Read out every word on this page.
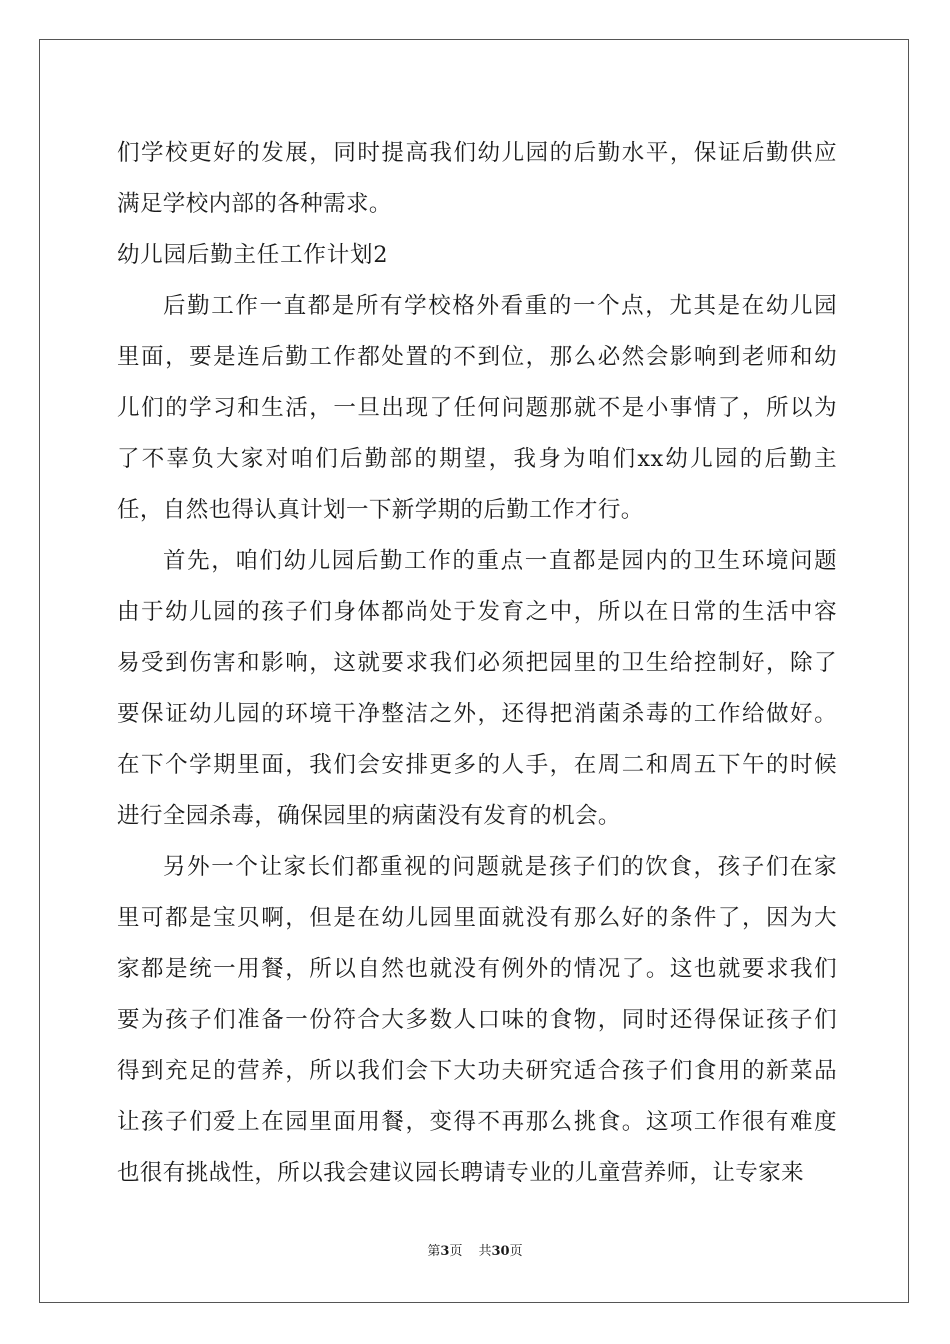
们学校更好的发展，同时提高我们幼儿园的后勤水平，保证后勤供应
满足学校内部的各种需求。
幼儿园后勤主任工作计划2
后勤工作一直都是所有学校格外看重的一个点，尤其是在幼儿园
里面，要是连后勤工作都处置的不到位，那么必然会影响到老师和幼
儿们的学习和生活，一旦出现了任何问题那就不是小事情了，所以为
了不辜负大家对咱们后勤部的期望，我身为咱们xx幼儿园的后勤主
任，自然也得认真计划一下新学期的后勤工作才行。
首先，咱们幼儿园后勤工作的重点一直都是园内的卫生环境问题
由于幼儿园的孩子们身体都尚处于发育之中，所以在日常的生活中容
易受到伤害和影响，这就要求我们必须把园里的卫生给控制好，除了
要保证幼儿园的环境干净整洁之外，还得把消菌杀毒的工作给做好。
在下个学期里面，我们会安排更多的人手，在周二和周五下午的时候
进行全园杀毒，确保园里的病菌没有发育的机会。
另外一个让家长们都重视的问题就是孩子们的饮食，孩子们在家
里可都是宝贝啊，但是在幼儿园里面就没有那么好的条件了，因为大
家都是统一用餐，所以自然也就没有例外的情况了。这也就要求我们
要为孩子们准备一份符合大多数人口味的食物，同时还得保证孩子们
得到充足的营养，所以我们会下大功夫研究适合孩子们食用的新菜品
让孩子们爱上在园里面用餐，变得不再那么挑食。这项工作很有难度
也很有挑战性，所以我会建议园长聘请专业的儿童营养师，让专家来
第3页 共30页
